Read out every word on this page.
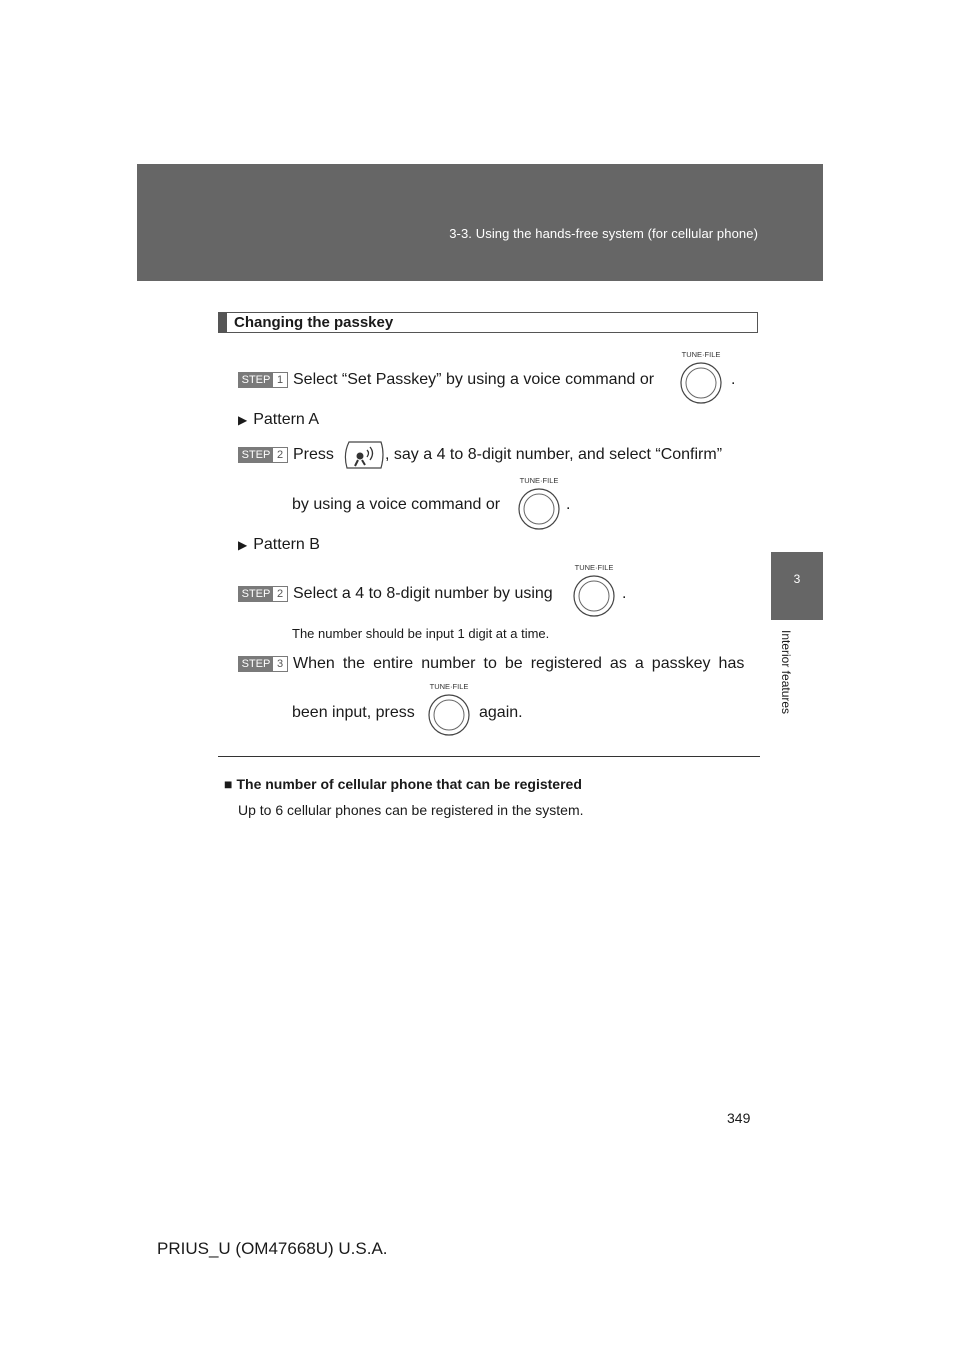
3-3. Using the hands-free system (for cellular phone)
3
Interior features
Changing the passkey
STEP 1 Select “Set Passkey” by using a voice command or
TUNE·FILE
.
▶ Pattern A
STEP 2 Press	, say a 4 to 8-digit number, and select “Confirm”
by using a voice command or
TUNE·FILE
.
▶ Pattern B
STEP 2 Select a 4 to 8-digit number by using
TUNE·FILE
.
The number should be input 1 digit at a time.
STEP 3 When the entire number to be registered as a passkey has
been input, press
TUNE·FILE
again.
■ The number of cellular phone that can be registered
Up to 6 cellular phones can be registered in the system.
349
PRIUS_U (OM47668U) U.S.A.
